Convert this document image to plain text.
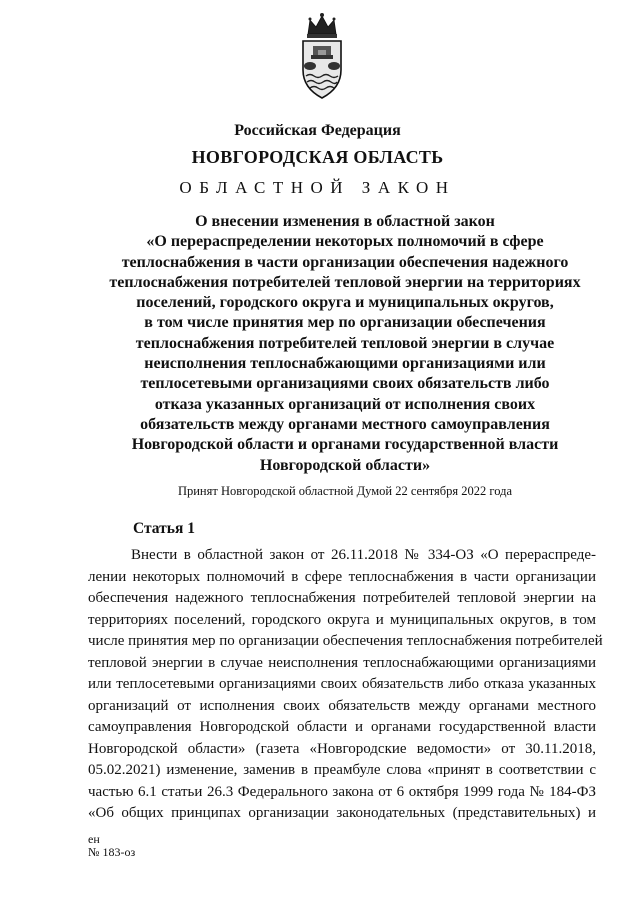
Российская Федерация
НОВГОРОДСКАЯ ОБЛАСТЬ
ОБЛАСТНОЙ ЗАКОН
О внесении изменения в областной закон
«О перераспределении некоторых полномочий в сфере
теплоснабжения в части организации обеспечения надежного
теплоснабжения потребителей тепловой энергии на территориях
поселений, городского округа и муниципальных округов,
в том числе принятия мер по организации обеспечения
теплоснабжения потребителей тепловой энергии в случае
неисполнения теплоснабжающими организациями или
теплосетевыми организациями своих обязательств либо
отказа указанных организаций от исполнения своих
обязательств между органами местного самоуправления
Новгородской области и органами государственной власти
Новгородской области»
Принят Новгородской областной Думой 22 сентября 2022 года
Статья 1
Внести в областной закон от 26.11.2018 № 334-ОЗ «О перераспреде-
лении некоторых полномочий в сфере теплоснабжения в части организации
обеспечения надежного теплоснабжения потребителей тепловой энергии на
территориях поселений, городского округа и муниципальных округов, в том
числе принятия мер по организации обеспечения теплоснабжения потребителей
тепловой энергии в случае неисполнения теплоснабжающими организациями
или теплосетевыми организациями своих обязательств либо отказа указанных
организаций от исполнения своих обязательств между органами местного
самоуправления Новгородской области и органами государственной власти
Новгородской области» (газета «Новгородские ведомости» от 30.11.2018,
05.02.2021) изменение, заменив в преамбуле слова «принят в соответствии с
частью 6.1 статьи 26.3 Федерального закона от 6 октября 1999 года № 184-ФЗ
«Об общих принципах организации законодательных (представительных) и
ен
№ 183-оз
